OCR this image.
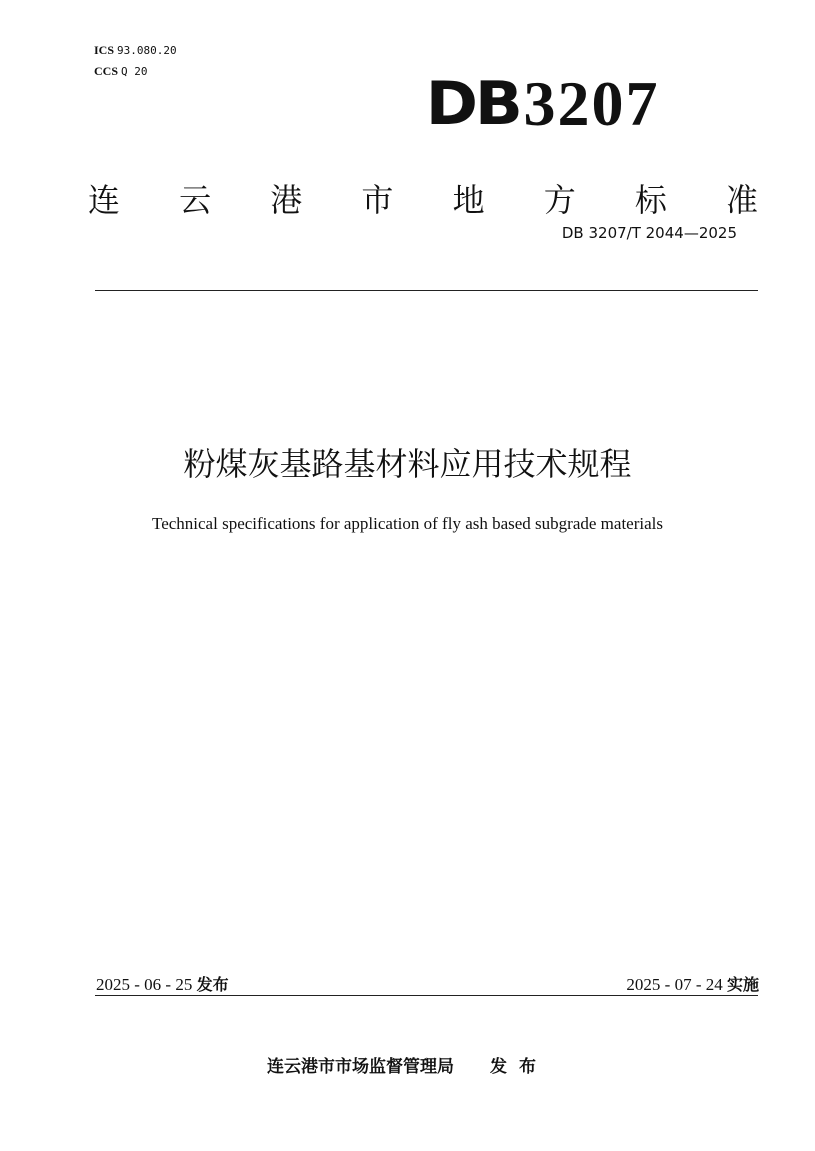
ICS 93.080.20
CCS Q 20	DB 3207
连 云 港 市 地 方 标 准
DB 3207/T 2044—2025
粉煤灰基路基材料应用技术规程
Technical specifications for application of fly ash based subgrade materials
2025 - 06 - 25 发布	2025 - 07 - 24 实施
连云港市市场监督管理局 发布
